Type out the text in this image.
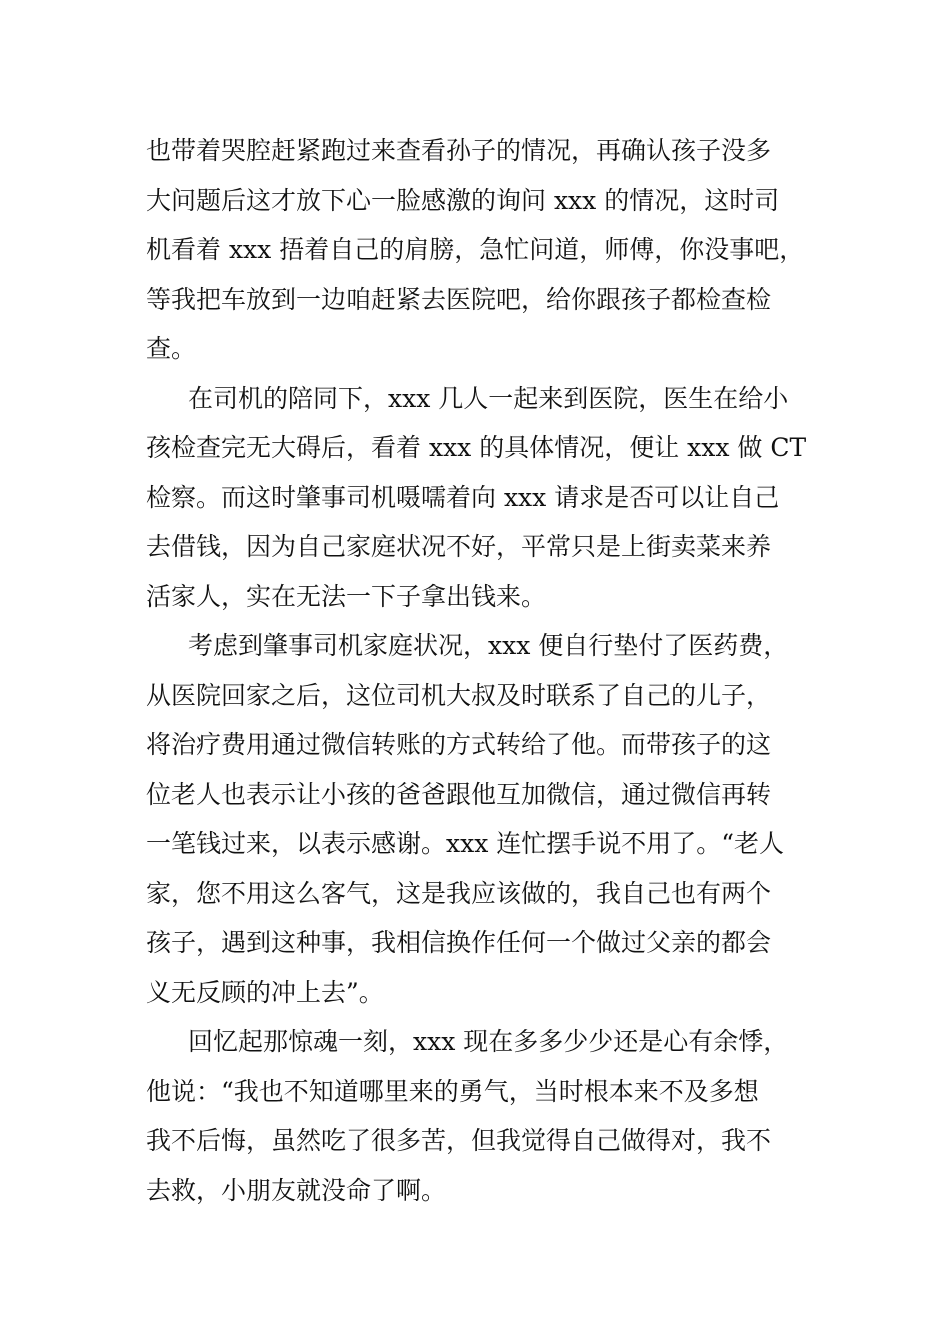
也带着哭腔赶紧跑过来查看孙子的情况，再确认孩子没多
大问题后这才放下心一脸感激的询问 xxx 的情况，这时司
机看着 xxx 捂着自己的肩膀，急忙问道，师傅，你没事吧，
等我把车放到一边咱赶紧去医院吧，给你跟孩子都检查检
查。

在司机的陪同下，xxx 几人一起来到医院，医生在给小
孩检查完无大碍后，看着 xxx 的具体情况，便让 xxx 做 CT
检察。而这时肇事司机嗫嚅着向 xxx 请求是否可以让自己
去借钱，因为自己家庭状况不好，平常只是上街卖菜来养
活家人，实在无法一下子拿出钱来。

考虑到肇事司机家庭状况，xxx 便自行垫付了医药费，
从医院回家之后，这位司机大叔及时联系了自己的儿子，
将治疗费用通过微信转账的方式转给了他。而带孩子的这
位老人也表示让小孩的爸爸跟他互加微信，通过微信再转
一笔钱过来，以表示感谢。xxx 连忙摆手说不用了。“老人
家，您不用这么客气，这是我应该做的，我自己也有两个
孩子，遇到这种事，我相信换作任何一个做过父亲的都会
义无反顾的冲上去”。

回忆起那惊魂一刻，xxx 现在多多少少还是心有余悸，
他说：“我也不知道哪里来的勇气，当时根本来不及多想
我不后悔，虽然吃了很多苦，但我觉得自己做得对，我不
去救，小朋友就没命了啊。
